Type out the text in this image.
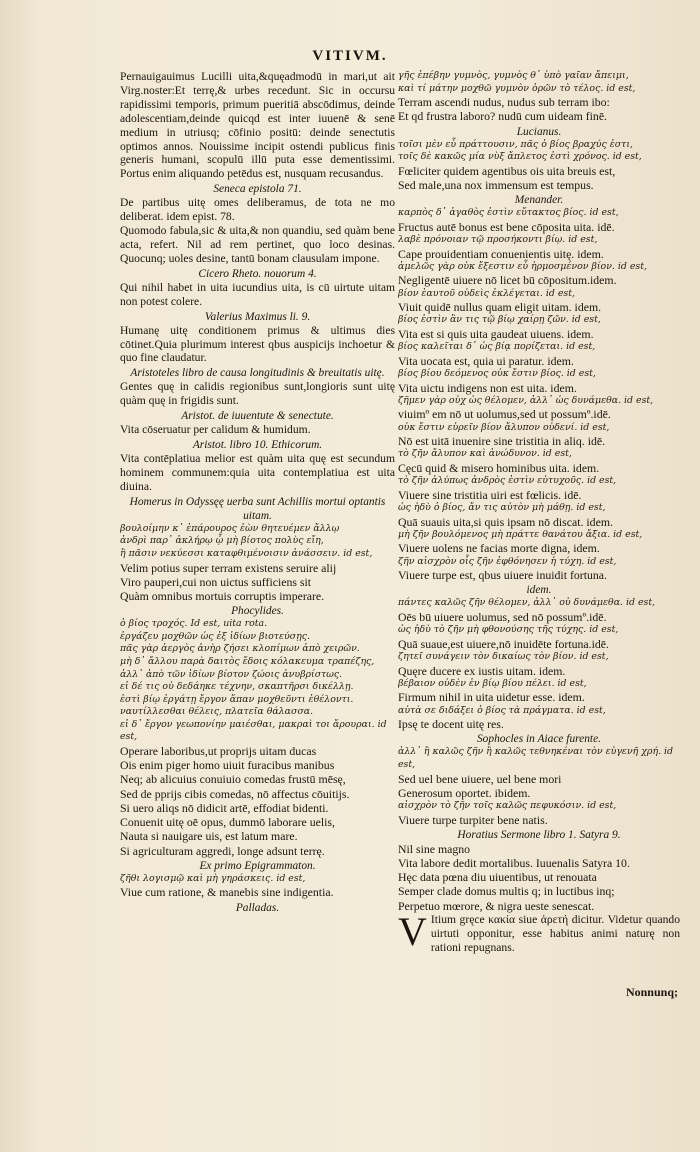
VITIVM.

Pernauigauimus Lucilli uita,&quęadmodū in mari,ut ait Virg.noster:Et terrę,& urbes recedunt. Sic in occursu rapidissimi temporis, primum pueritiā abscōdimus, deinde adolescentiam,deinde quicqd est inter iuuenē & senē medium in utriusq; cōfinio positū: deinde senectutis optimos annos. Nouissime incipit ostendi publicus finis generis humani, scopulū illū puta esse dementissimi. Portus enim aliquando petēdus est, nusquam recusandus.

Seneca epistola 71.

De partibus uitę omes deliberamus, de tota ne mo deliberat. idem epist. 78.

Quomodo fabula,sic & uita,& non quandiu, sed quàm bene acta, refert. Nil ad rem pertinet, quo loco desinas. Quocunq; uoles desine, tantū bonam clausulam impone.

Cicero Rheto. nouorum 4.

Qui nihil habet in uita iucundius uita, is cū uirtute uitam non potest colere.

Valerius Maximus li. 9.

Humanę uitę conditionem primus & ultimus dies cōtinet.Quia plurimum interest qbus auspicijs inchoetur & quo fine claudatur.

Aristoteles libro de causa longitudinis & breuitatis uitę.

Gentes quę in calidis regionibus sunt,longioris sunt uitę quàm quę in frigidis sunt.

Aristot. de iuuentute & senectute.

Vita cōseruatur per calidum & humidum.

Aristot. libro 10. Ethicorum.

Vita contēplatiua melior est quàm uita quę est secundum hominem communem:quia uita contemplatiua est uita diuina.

Homerus in Odyssęę uerba sunt Achillis mortui optantis uitam.

βουλοίμην κ᾽ ἐπάρουρος ἐὼν θητευέμεν ἄλλῳ

ἀνδρὶ παρ᾽ ἀκλήρῳ ᾧ μὴ βίοτος πολὺς εἴη,

ἢ πᾶσιν νεκύεσσι καταφθιμένοισιν ἀνάσσειν. id est,

Velim potius super terram existens seruire alij

Viro pauperi,cui non uictus sufficiens sit

Quàm omnibus mortuis corruptis imperare.

Phocylides.

ὁ βίος τροχός. Id est, uita rota.

ἐργάζευ μοχθῶν ὡς ἐξ ἰδίων βιοτεύσῃς.

πᾶς γὰρ ἀεργὸς ἀνὴρ ζήσει κλοπίμων ἀπὸ χειρῶν.

μὴ δ᾽ ἄλλου παρὰ δαιτὸς ἔδοις κόλακευμα τραπέζης,

ἀλλ᾽ ἀπὸ τῶν ἰδίων βίοτον ζώοις ἀνυβρίστως.

εἰ δέ τις οὐ δεδάηκε τέχνην, σκαπτῆρσι δικέλλῃ.

ἐστὶ βίῳ ἐργάτῃ ἔργον ἅπαν μοχθεῦντι ἐθέλοντι.

ναυτίλλεσθαι θέλεις, πλατεῖα θάλασσα.

εἰ δ᾽ ἔργον γεωπονίην μαιέσθαι, μακραὶ τοι ἄρουραι. id est,

Operare laboribus,ut proprijs uitam ducas

Ois enim piger homo uiuit furacibus manibus

Neq; ab alicuius conuiuio comedas frustū mēsę,

Sed de pprijs cibis comedas, nō affectus cōuitijs.

Si uero aliqs nō didicit artē, effodiat bidenti.

Conuenit uitę oē opus, dummō laborare uelis,

Nauta si nauigare uis, est latum mare.

Si agriculturam aggredi, longe adsunt terrę.

Ex primo Epigrammaton.

ζῆθι λογισμῷ καὶ μὴ γηράσκεις. id est,

Viue cum ratione, & manebis sine indigentia.

Palladas.

γῆς ἐπέβην γυμνὸς, γυμνὸς θ᾽ ὑπὸ γαῖαν ἄπειμι,

καὶ τί μάτην μοχθῶ γυμνὸν ὁρῶν τὸ τέλος. id est,

Terram ascendi nudus, nudus sub terram ibo:

Et qd frustra laboro? nudū cum uideam finē.

Lucianus.

τοῖσι μὲν εὖ πράττουσιν, πᾶς ὁ βίος βραχύς ἐστι,

τοῖς δὲ κακῶς μία νὺξ ἄπλετος ἐστὶ χρόνος. id est,

Fœliciter quidem agentibus ois uita breuis est,

Sed male,una nox immensum est tempus.

Menander.

καρπὸς δ᾽ ἀγαθὸς ἐστὶν εὔτακτος βίος. id est,

Fructus autē bonus est bene cōposita uita. idē.

λαβὲ πρόνοιαν τῷ προσήκοντι βίῳ. id est,

Cape prouidentiam conuenientis uitę. idem.

ἀμελῶς γὰρ οὐκ ἔξεστιν εὖ ἡρμοσμένον βίον. id est,

Negligentē uiuere nō licet bū cōpositum.idem.

βίον ἑαυτοῦ οὐδεὶς ἐκλέγεται. id est,

Viuit quidē nullus quam eligit uitam. idem.

βίος ἐστὶν ἂν τις τῷ βίῳ χαίρῃ ζῶν. id est,

Vita est si quis uita gaudeat uiuens. idem.

βίος καλεῖται δ᾽ ὡς βίᾳ πορίζεται. id est,

Vita uocata est, quia ui paratur. idem.

βίος βίου δεόμενος οὐκ ἔστιν βίος. id est,

Vita uictu indigens non est uita. idem.

ζῆμεν γὰρ οὐχ ὡς θέλομεν, ἀλλ᾽ ὡς δυνάμεθα. id est,

viuimº em nō ut uolumus,sed ut possumº.idē.

οὐκ ἔστιν εὑρεῖν βίον ἄλυπον οὐδενί. id est,

Nō est uitā inuenire sine tristitia in aliq. idē.

τὸ ζῆν ἄλυπον καὶ ἀνώδυνον. id est,

Cęcū quid & misero hominibus uita. idem.

τὸ ζῆν ἀλύπως ἀνδρὸς ἐστὶν εὐτυχοῦς. id est,

Viuere sine tristitia uiri est fœlicis. idē.

ὡς ἡδὺ ὁ βίος, ἄν τις αὐτὸν μὴ μάθῃ. id est,

Quā suauis uita,si quis ipsam nō discat. idem.

μὴ ζῆν βουλόμενος μὴ πράττε θανάτου ἄξια. id est,

Viuere uolens ne facias morte digna, idem.

ζῆν αἰσχρὸν οἷς ζῆν ἐφθόνησεν ἡ τύχη. id est,

Viuere turpe est, qbus uiuere inuidit fortuna.

idem.

πάντες καλῶς ζῆν θέλομεν, ἀλλ᾽ οὐ δυνάμεθα. id est,

Oēs bū uiuere uolumus, sed nō possumº.idē.

ὡς ἡδὺ τὸ ζῆν μὴ φθονούσης τῆς τύχης. id est,

Quā suaue,est uiuere,nō inuidēte fortuna.idē.

ζητεῖ συνάγειν τὸν δικαίως τὸν βίον. id est,

Quęre ducere ex iustis uitam. idem.

βέβαιον οὐδὲν ἐν βίῳ βίου πέλει. id est,

Firmum nihil in uita uidetur esse. idem.

αὐτὰ σε διδάξει ὁ βίος τὰ πράγματα. id est,

Ipsę te docent uitę res.

Sophocles in Aiace furente.

ἀλλ᾽ ἢ καλῶς ζῆν ἢ καλῶς τεθνηκέναι τὸν εὐγενῆ χρή. id est,

Sed uel bene uiuere, uel bene mori

Generosum oportet. ibidem.

αἰσχρὸν τὸ ζῆν τοῖς καλῶς πεφυκόσιν. id est,

Viuere turpe turpiter bene natis.

Horatius Sermone libro 1. Satyra 9.

Nil sine magno

Vita labore dedit mortalibus. Iuuenalis Satyra 10.

Hęc data pœna diu uiuentibus, ut renouata

Semper clade domus multis q; in luctibus inq;

Perpetuo mœrore, & nigra ueste senescat.

V Itium gręce κακία siue ἀρετή dicitur. Videtur quando uirtuti opponitur, esse habitus animi naturę non rationi repugnans.

Nonnunq;
